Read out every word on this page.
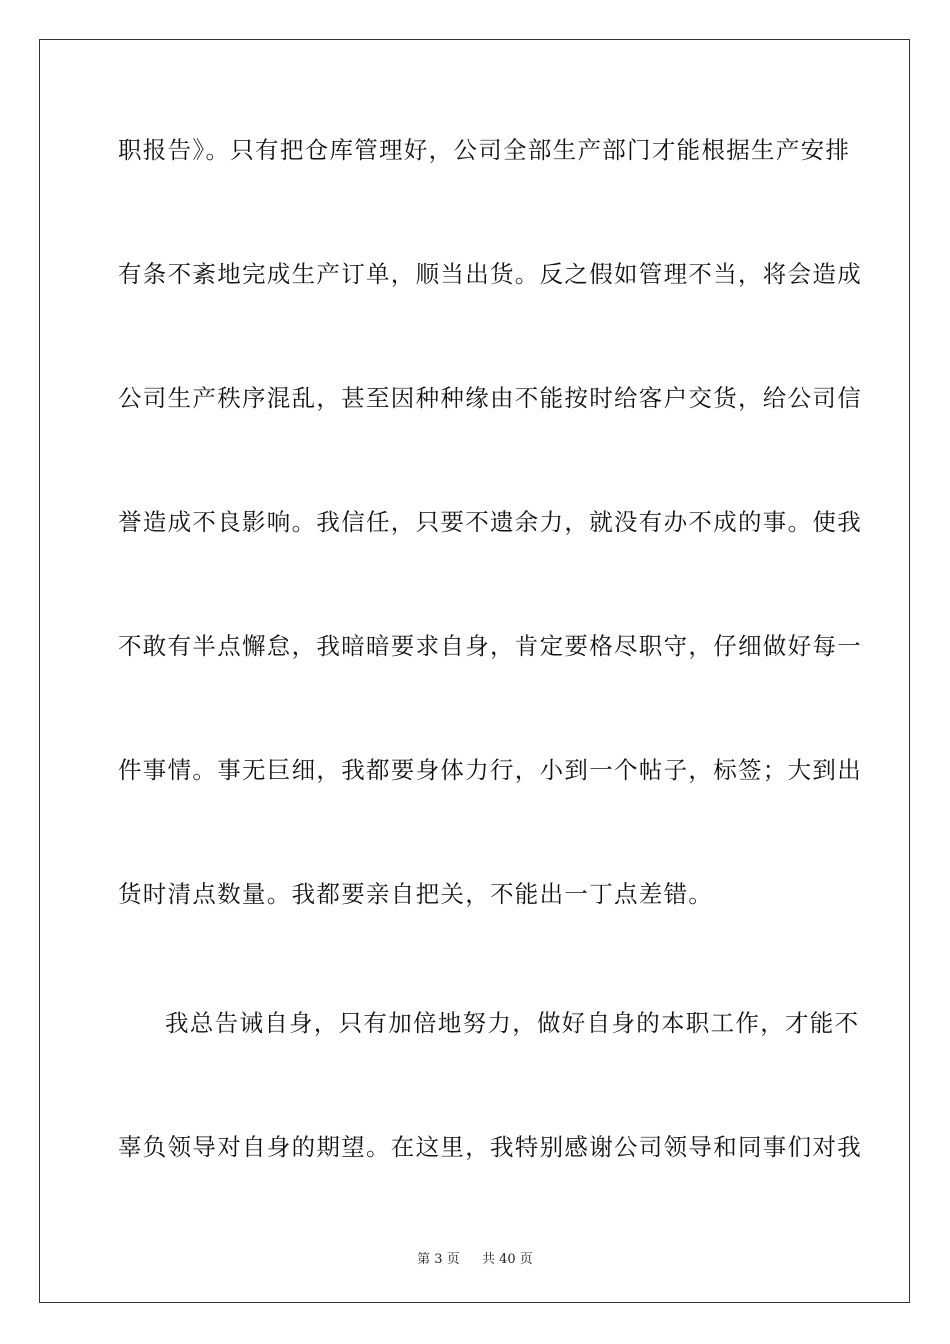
职报告》。只有把仓库管理好，公司全部生产部门才能根据生产安排
有条不紊地完成生产订单，顺当出货。反之假如管理不当，将会造成
公司生产秩序混乱，甚至因种种缘由不能按时给客户交货，给公司信
誉造成不良影响。我信任，只要不遗余力，就没有办不成的事。使我
不敢有半点懈怠，我暗暗要求自身，肯定要格尽职守，仔细做好每一
件事情。事无巨细，我都要身体力行，小到一个帖子，标签；大到出
货时清点数量。我都要亲自把关，不能出一丁点差错。
我总告诫自身，只有加倍地努力，做好自身的本职工作，才能不
辜负领导对自身的期望。在这里，我特别感谢公司领导和同事们对我
第 3 页 共 40 页
